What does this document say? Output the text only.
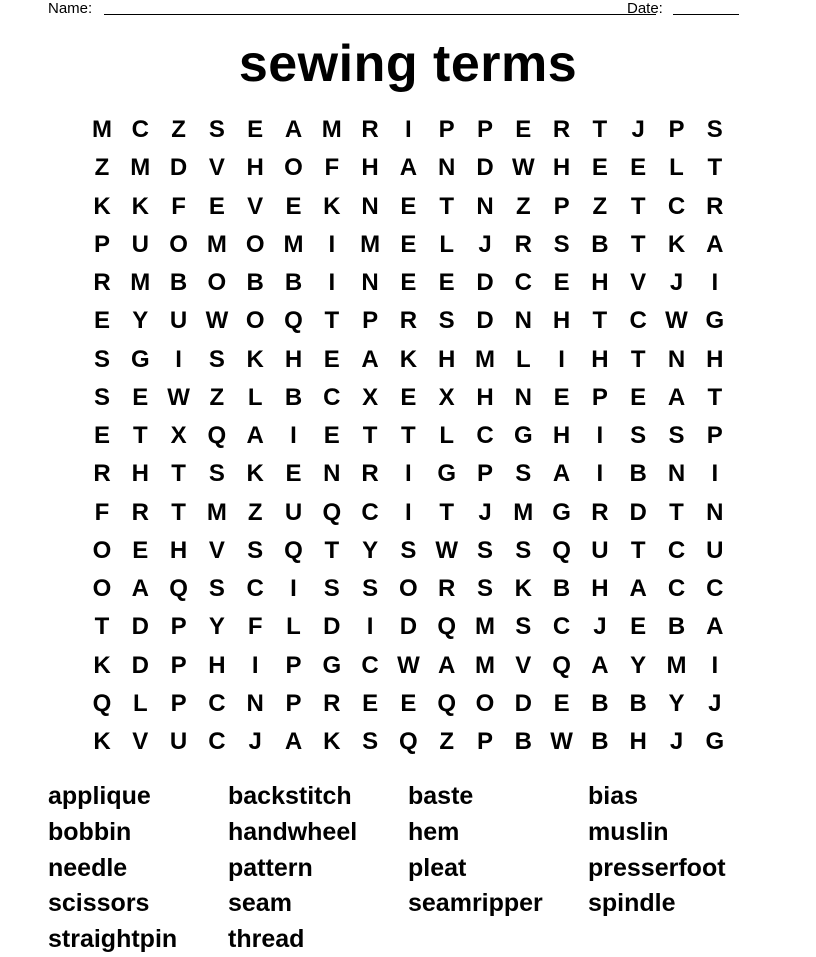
Name:	Date:
sewing terms
M C Z S E A M R	I	P P E R T	J P S
Z M D V H O F H A N D W H E E L T
K K F E V E K N E T N Z P Z T C R
P U O M O M	I	M E L	J R S B T K A
R M B O B B	I	N E E D C E H V J	I
E Y U W O Q T P R S D N H T C W G
S G	I	S K H E A K H M L	I	H T N H
S E W Z L B C X E X H N E P E A T
E T X Q A	I	E T T L C G H	I	S S P
R H T S K E N R	I	G P S A	I	B N	I
F R T M Z U Q C	I	T	J M G R D T N
O E H V S Q T Y S W S S Q U T C U
O A Q S C	I	S S O R S K B H A C C
T D P Y F L D	I	D Q M S C J E B A
K D P H	I	P G C W A M V Q A Y M	I
Q L P C N P R E E Q O D E B B Y J
K V U C J A K S Q Z P B W B H J G
applique	backstitch baste	bias
bobbin	handwheel hem	muslin
needle	pattern	pleat	presserfoot
scissors	seam	seamripper spindle
straightpin thread
